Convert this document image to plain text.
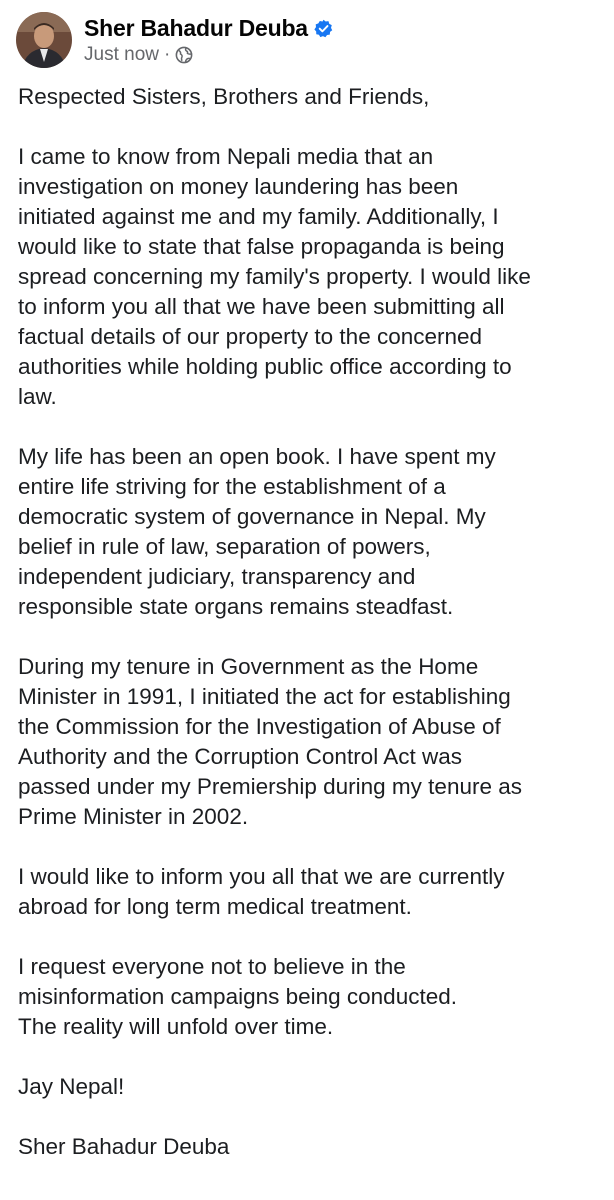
Sher Bahadur Deuba
Just now ·

Respected Sisters, Brothers and Friends,

I came to know from Nepali media that an
investigation on money laundering has been
initiated against me and my family. Additionally, I
would like to state that false propaganda is being
spread concerning my family's property. I would like
to inform you all that we have been submitting all
factual details of our property to the concerned
authorities while holding public office according to
law.

My life has been an open book. I have spent my
entire life striving for the establishment of a
democratic system of governance in Nepal. My
belief in rule of law, separation of powers,
independent judiciary, transparency and
responsible state organs remains steadfast.

During my tenure in Government as the Home
Minister in 1991, I initiated the act for establishing
the Commission for the Investigation of Abuse of
Authority and the Corruption Control Act was
passed under my Premiership during my tenure as
Prime Minister in 2002.

I would like to inform you all that we are currently
abroad for long term medical treatment.

I request everyone not to believe in the
misinformation campaigns being conducted.
The reality will unfold over time.

Jay Nepal!

Sher Bahadur Deuba
